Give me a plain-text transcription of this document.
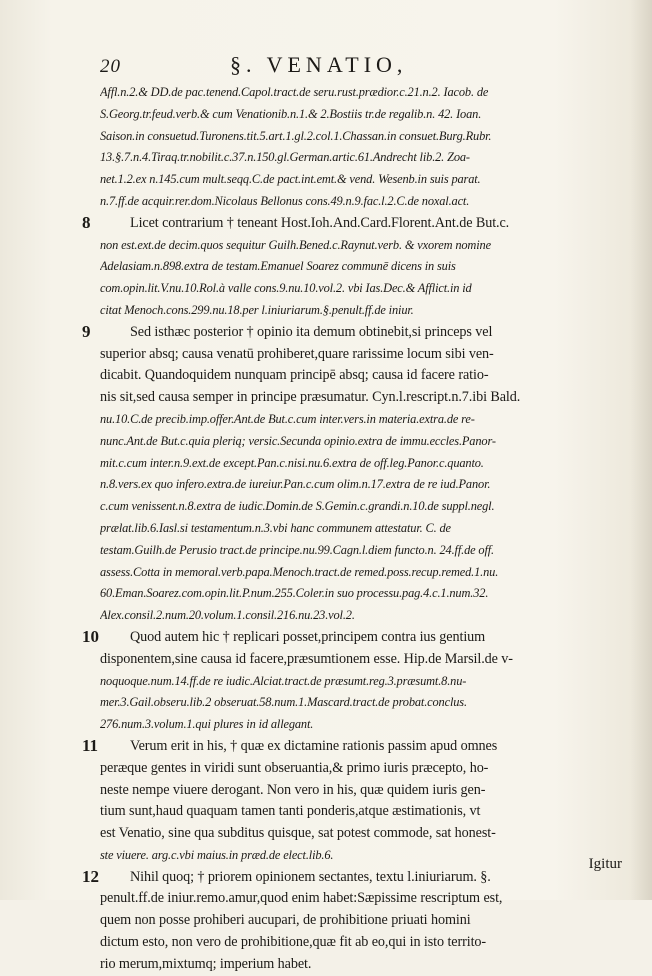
20	§. VENATIO,
Affl.n.2.& DD.de pac.tenend.Capol.tract.de seru.rust.prædior.c.21.n.2. Iacob. de
S.Georg.tr.feud.verb.& cum Venationib.n.1.& 2.Bostiis tr.de regalib.n. 42. Ioan.
Saison.in consuetud.Turonens.tit.5.art.1.gl.2.col.1.Chassan.in consuet.Burg.Rubr.
13.§.7.n.4.Tiraq.tr.nobilit.c.37.n.150.gl.German.artic.61.Andrecht lib.2. Zoa-
net.1.2.ex n.145.cum mult.seqq.C.de pact.int.emt.& vend. Wesenb.in suis parat.
n.7.ff.de acquir.rer.dom.Nicolaus Bellonus cons.49.n.9.fac.l.2.C.de noxal.act.
8	Licet contrarium † teneant Host.Ioh.And.Card.Florent.Ant.de But.c.
non est.ext.de decim.quos sequitur Guilh.Bened.c.Raynut.verb. & vxorem nomine
Adelasiam.n.898.extra de testam.Emanuel Soarez communē dicens in suis
com.opin.lit.V.nu.10.Rol.à valle cons.9.nu.10.vol.2. vbi Ias.Dec.& Afflict.in id
citat Menoch.cons.299.nu.18.per l.iniuriarum.§.penult.ff.de iniur.
9	Sed isthæc posterior † opinio ita demum obtinebit,si princeps vel
superior absq; causa venatū prohiberet,quare rarissime locum sibi ven-
dicabit. Quandoquidem nunquam principē absq; causa id facere ratio-
nis sit,sed causa semper in principe præsumatur. Cyn.l.rescript.n.7.ibi Bald.
nu.10.C.de precib.imp.offer.Ant.de But.c.cum inter.vers.in materia.extra.de re-
nunc.Ant.de But.c.quia plerią; versic.Secunda opinio.extra de immu.eccles.Panor-
mit.c.cum inter.n.9.ext.de except.Pan.c.nisi.nu.6.extra de off.leg.Panor.c.quanto.
n.8.vers.ex quo infero.extra.de iureiur.Pan.c.cum olim.n.17.extra de re iud.Panor.
c.cum venissent.n.8.extra de iudic.Domin.de S.Gemin.c.grandi.n.10.de suppl.negl.
prælat.lib.6.Iasl.si testamentum.n.3.vbi hanc communem attestatur. C. de
testam.Guilh.de Perusio tract.de principe.nu.99.Cagn.l.diem functo.n. 24.ff.de off.
assess.Cotta in memoral.verb.papa.Menoch.tract.de remed.poss.recup.remed.1.nu.
60.Eman.Soarez.com.opin.lit.P.num.255.Coler.in suo processu.pag.4.c.1.num.32.
Alex.consil.2.num.20.volum.1.consil.216.nu.23.vol.2.
10	Quod autem hic † replicari posset,principem contra ius gentium
disponentem,sine causa id facere,præsumtionem esse. Hip.de Marsil.de v-
noquoque.num.14.ff.de re iudic.Alciat.tract.de præsumt.reg.3.præsumt.8.nu-
mer.3.Gail.obseru.lib.2 obseruat.58.num.1.Mascard.tract.de probat.conclus.
276.num.3.volum.1.qui plures in id allegant.
11	Verum erit in his, † quæ ex dictamine rationis passim apud omnes
peræque gentes in viridi sunt obseruantia,& primo iuris præcepto, ho-
neste nempe viuere derogant. Non vero in his, quæ quidem iuris gen-
tium sunt,haud quaquam tamen tanti ponderis,atque æstimationis, vt
est Venatio, sine qua subditus quisque, sat potest commode, sat honest-
ste viuere. arg.c.vbi maius.in præd.de elect.lib.6.
12	Nihil quoq; † priorem opinionem sectantes, textu l.iniuriarum. §.
penult.ff.de iniur.remo.amur,quod enim habet:Sæpissime rescriptum est,
quem non posse prohiberi aucupari, de prohibitione priuati homini
dictum esto, non vero de prohibitione,quæ fit ab eo,qui in isto territo-
rio merum,mixtumq; imperium habet.
Igitur
